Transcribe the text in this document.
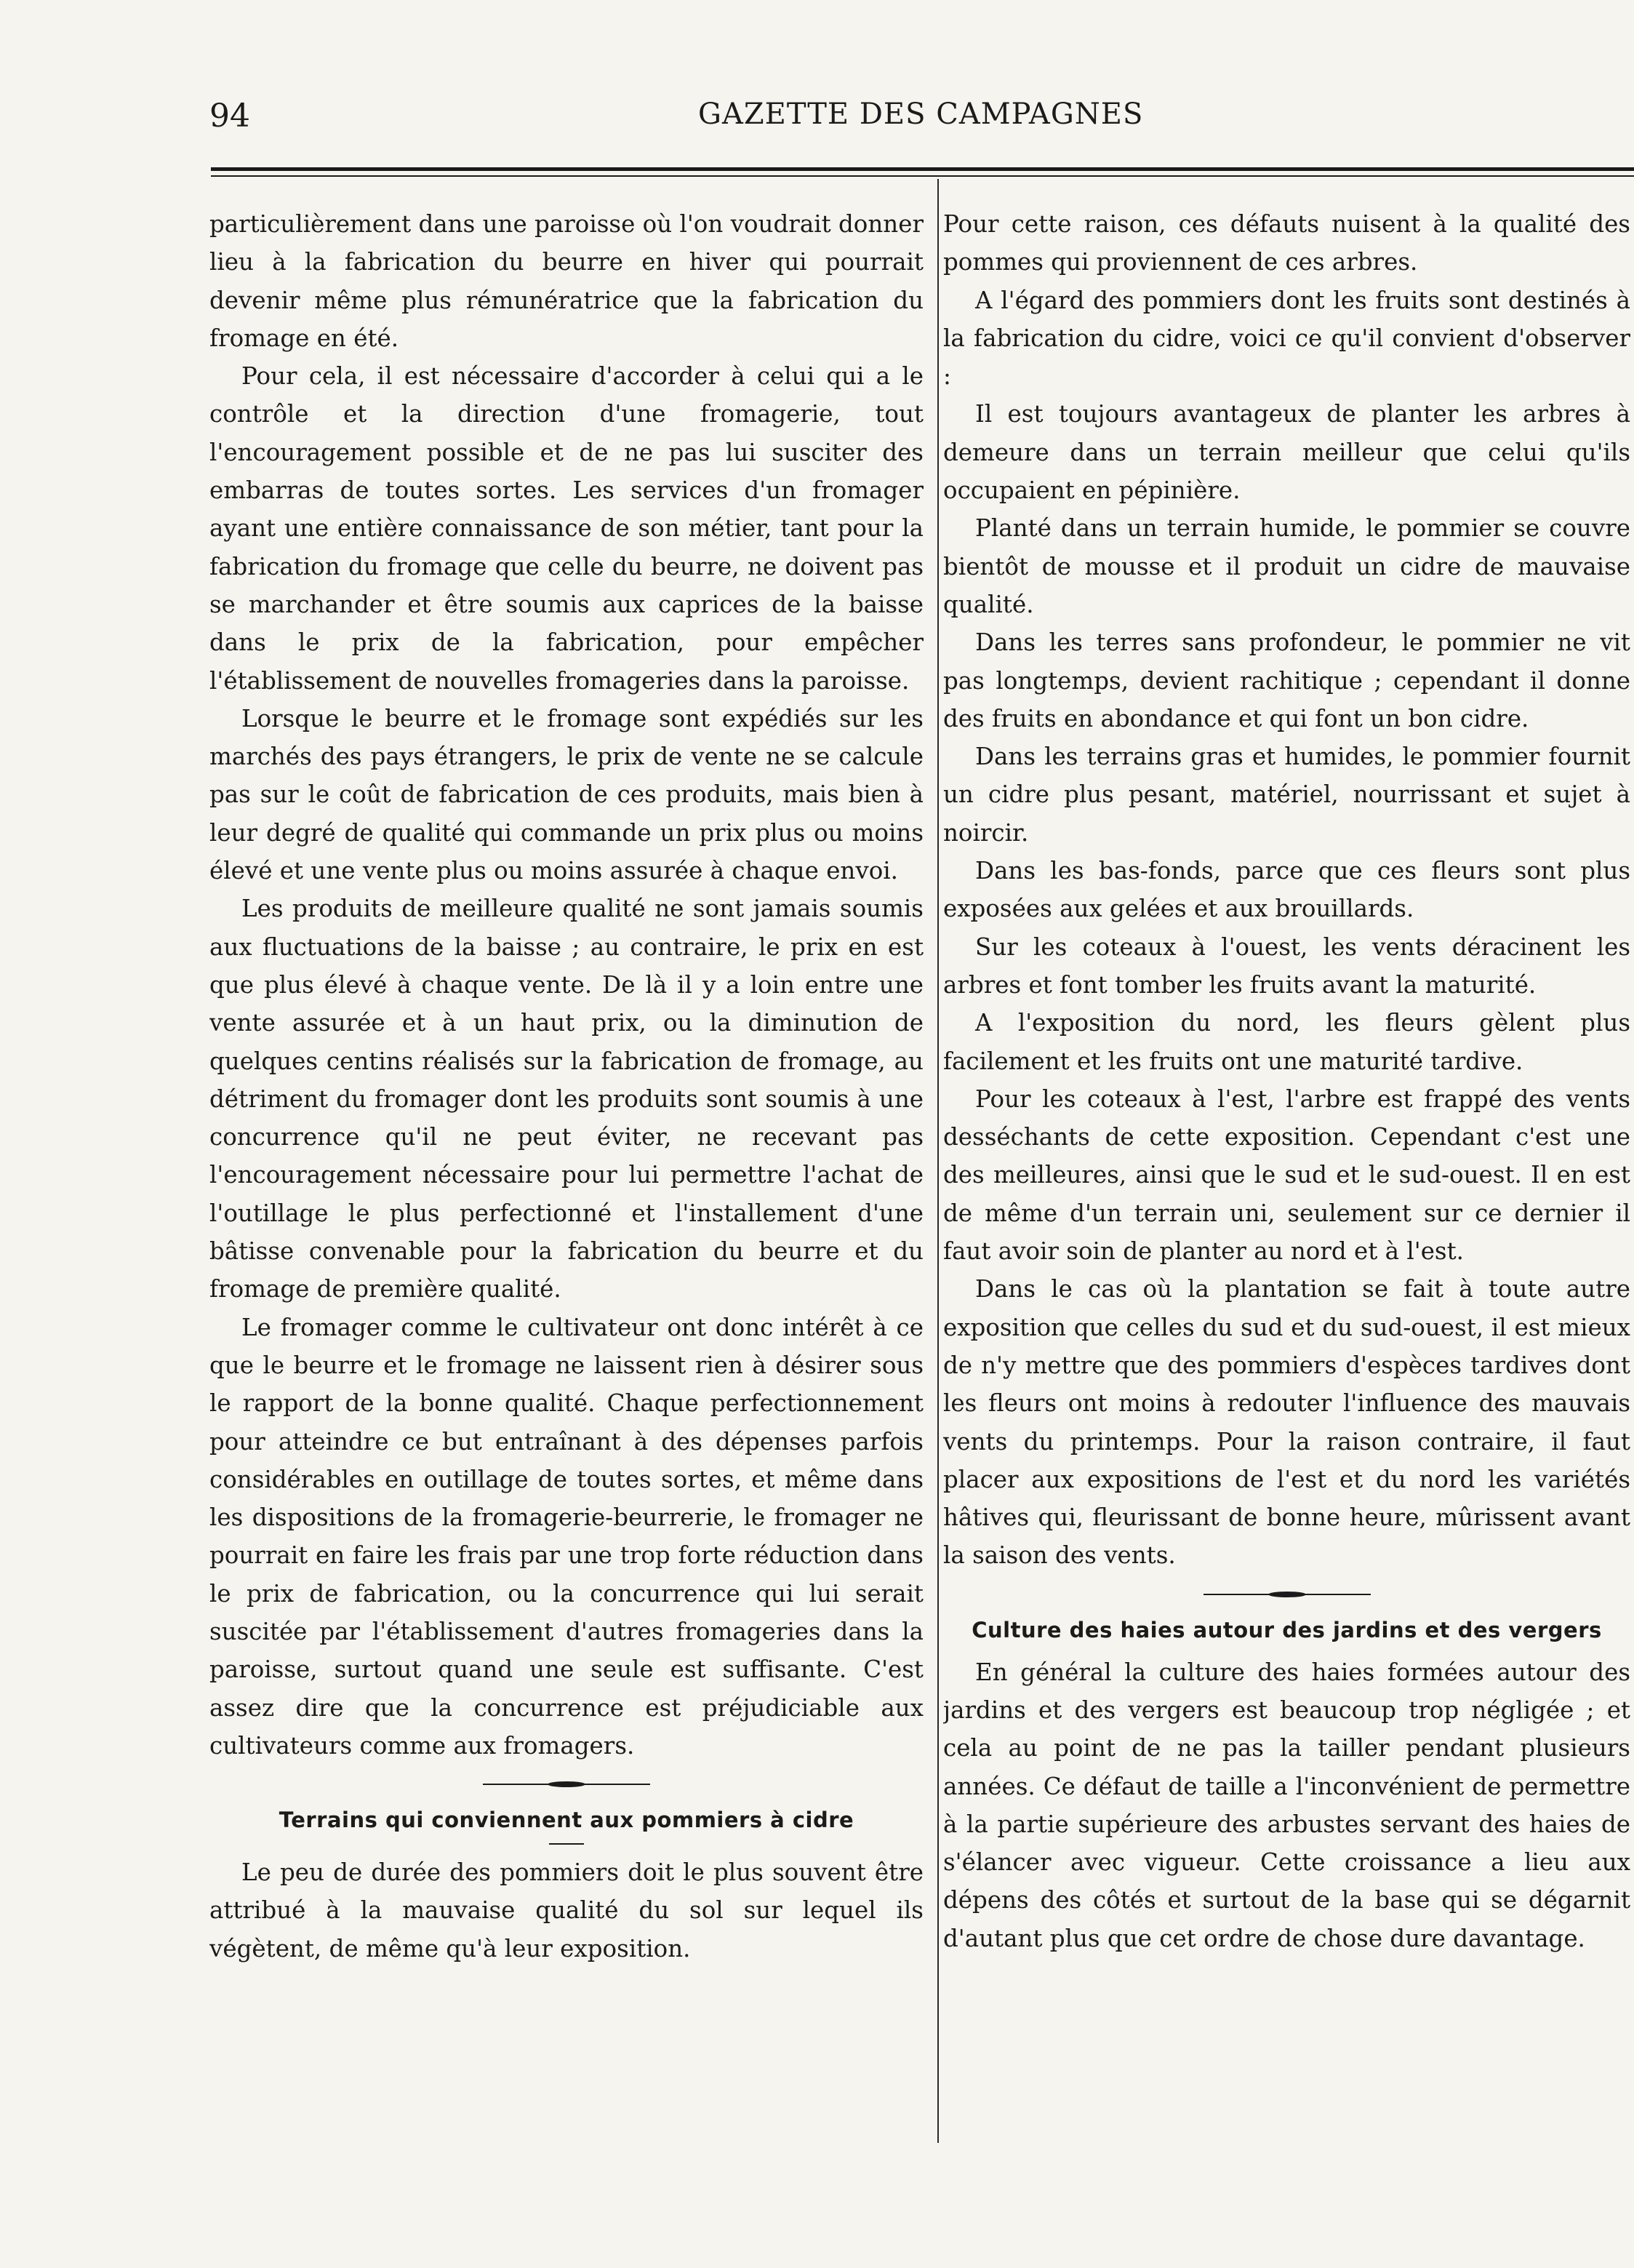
94	GAZETTE DES CAMPAGNES

particulièrement dans une paroisse où l'on voudrait donner lieu à la fabrication du beurre en hiver qui pourrait devenir même plus rémunératrice que la fabrication du fromage en été.

Pour cela, il est nécessaire d'accorder à celui qui a le contrôle et la direction d'une fromagerie, tout l'encouragement possible et de ne pas lui susciter des embarras de toutes sortes. Les services d'un fromager ayant une entière connaissance de son métier, tant pour la fabrication du fromage que celle du beurre, ne doivent pas se marchander et être soumis aux caprices de la baisse dans le prix de la fabrication, pour empêcher l'établissement de nouvelles fromageries dans la paroisse.

Lorsque le beurre et le fromage sont expédiés sur les marchés des pays étrangers, le prix de vente ne se calcule pas sur le coût de fabrication de ces produits, mais bien à leur degré de qualité qui commande un prix plus ou moins élevé et une vente plus ou moins assurée à chaque envoi.

Les produits de meilleure qualité ne sont jamais soumis aux fluctuations de la baisse ; au contraire, le prix en est que plus élevé à chaque vente. De là il y a loin entre une vente assurée et à un haut prix, ou la diminution de quelques centins réalisés sur la fabrication de fromage, au détriment du fromager dont les produits sont soumis à une concurrence qu'il ne peut éviter, ne recevant pas l'encouragement nécessaire pour lui permettre l'achat de l'outillage le plus perfectionné et l'installement d'une bâtisse convenable pour la fabrication du beurre et du fromage de première qualité.

Le fromager comme le cultivateur ont donc intérêt à ce que le beurre et le fromage ne laissent rien à désirer sous le rapport de la bonne qualité. Chaque perfectionnement pour atteindre ce but entraînant à des dépenses parfois considérables en outillage de toutes sortes, et même dans les dispositions de la fromagerie-beurrerie, le fromager ne pourrait en faire les frais par une trop forte réduction dans le prix de fabrication, ou la concurrence qui lui serait suscitée par l'établissement d'autres fromageries dans la paroisse, surtout quand une seule est suffisante. C'est assez dire que la concurrence est préjudiciable aux cultivateurs comme aux fromagers.

Terrains qui conviennent aux pommiers à cidre

Le peu de durée des pommiers doit le plus souvent être attribué à la mauvaise qualité du sol sur lequel ils végètent, de même qu'à leur exposition.

Pour cette raison, ces défauts nuisent à la qualité des pommes qui proviennent de ces arbres.

A l'égard des pommiers dont les fruits sont destinés à la fabrication du cidre, voici ce qu'il convient d'observer :

Il est toujours avantageux de planter les arbres à demeure dans un terrain meilleur que celui qu'ils occupaient en pépinière.

Planté dans un terrain humide, le pommier se couvre bientôt de mousse et il produit un cidre de mauvaise qualité.

Dans les terres sans profondeur, le pommier ne vit pas longtemps, devient rachitique ; cependant il donne des fruits en abondance et qui font un bon cidre.

Dans les terrains gras et humides, le pommier fournit un cidre plus pesant, matériel, nourrissant et sujet à noircir.

Dans les bas-fonds, parce que ces fleurs sont plus exposées aux gelées et aux brouillards.

Sur les coteaux à l'ouest, les vents déracinent les arbres et font tomber les fruits avant la maturité.

A l'exposition du nord, les fleurs gèlent plus facilement et les fruits ont une maturité tardive.

Pour les coteaux à l'est, l'arbre est frappé des vents desséchants de cette exposition. Cependant c'est une des meilleures, ainsi que le sud et le sud-ouest. Il en est de même d'un terrain uni, seulement sur ce dernier il faut avoir soin de planter au nord et à l'est.

Dans le cas où la plantation se fait à toute autre exposition que celles du sud et du sud-ouest, il est mieux de n'y mettre que des pommiers d'espèces tardives dont les fleurs ont moins à redouter l'influence des mauvais vents du printemps. Pour la raison contraire, il faut placer aux expositions de l'est et du nord les variétés hâtives qui, fleurissant de bonne heure, mûrissent avant la saison des vents.

Culture des haies autour des jardins et des vergers

En général la culture des haies formées autour des jardins et des vergers est beaucoup trop négligée ; et cela au point de ne pas la tailler pendant plusieurs années. Ce défaut de taille a l'inconvénient de permettre à la partie supérieure des arbustes servant des haies de s'élancer avec vigueur. Cette croissance a lieu aux dépens des côtés et surtout de la base qui se dégarnit d'autant plus que cet ordre de chose dure davantage.
